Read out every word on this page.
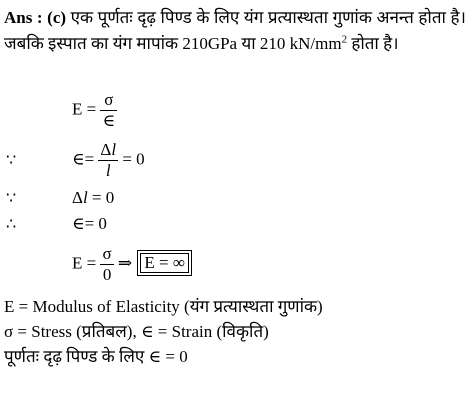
Ans : (c) एक पूर्णतः दृढ़ पिण्ड के लिए यंग प्रत्यास्थता गुणांक अनन्त होता है। जबकि इस्पात का यंग मापांक 210GPa या 210 $kN/mm^2$ होता है।
$E = \frac{\sigma}{\in}$
∵	∈= $\frac{\Delta l}{l} = 0$
∵	Δl = 0
∴	∈= 0
$E = \frac{\sigma}{0}$ ⇒ E = ∞
E = Modulus of Elasticity (यंग प्रत्यास्थता गुणांक)
σ = Stress (प्रतिबल), ∈ = Strain (विकृति)
पूर्णतः दृढ़ पिण्ड के लिए ∈ = 0
